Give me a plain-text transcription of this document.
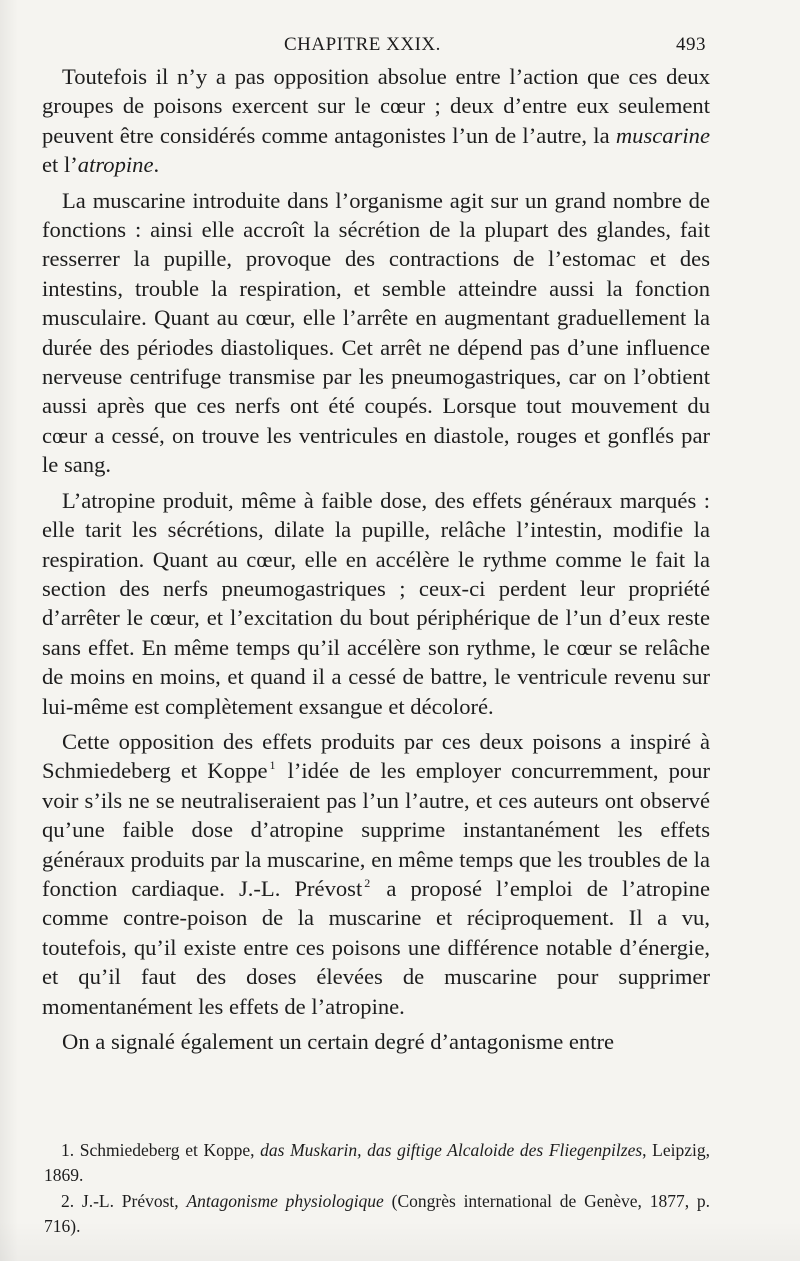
CHAPITRE XXIX.	493

Toutefois il n’y a pas opposition absolue entre l’action que ces deux groupes de poisons exercent sur le cœur ; deux d’entre eux seulement peuvent être considérés comme antagonistes l’un de l’autre, la muscarine et l’atropine.

La muscarine introduite dans l’organisme agit sur un grand nombre de fonctions : ainsi elle accroît la sécrétion de la plupart des glandes, fait resserrer la pupille, provoque des contractions de l’estomac et des intestins, trouble la respiration, et semble atteindre aussi la fonction musculaire. Quant au cœur, elle l’arrête en augmentant graduellement la durée des périodes diastoliques. Cet arrêt ne dépend pas d’une influence nerveuse centrifuge transmise par les pneumogastriques, car on l’obtient aussi après que ces nerfs ont été coupés. Lorsque tout mouvement du cœur a cessé, on trouve les ventricules en diastole, rouges et gonflés par le sang.

L’atropine produit, même à faible dose, des effets généraux marqués : elle tarit les sécrétions, dilate la pupille, relâche l’intestin, modifie la respiration. Quant au cœur, elle en accélère le rythme comme le fait la section des nerfs pneumogastriques ; ceux-ci perdent leur propriété d’arrêter le cœur, et l’excitation du bout périphérique de l’un d’eux reste sans effet. En même temps qu’il accélère son rythme, le cœur se relâche de moins en moins, et quand il a cessé de battre, le ventricule revenu sur lui-même est complètement exsangue et décoloré.

Cette opposition des effets produits par ces deux poisons a inspiré à Schmiedeberg et Koppe $^1$ l’idée de les employer concurremment, pour voir s’ils ne se neutraliseraient pas l’un l’autre, et ces auteurs ont observé qu’une faible dose d’atropine supprime instantanément les effets généraux produits par la muscarine, en même temps que les troubles de la fonction cardiaque. J.-L. Prévost $^2$ a proposé l’emploi de l’atropine comme contre-poison de la muscarine et réciproquement. Il a vu, toutefois, qu’il existe entre ces poisons une différence notable d’énergie, et qu’il faut des doses élevées de muscarine pour supprimer momentanément les effets de l’atropine.

On a signalé également un certain degré d’antagonisme entre

1. Schmiedeberg et Koppe, das Muskarin, das giftige Alcaloide des Fliegenpilzes, Leipzig, 1869.

2. J.-L. Prévost, Antagonisme physiologique (Congrès international de Genève, 1877, p. 716).
